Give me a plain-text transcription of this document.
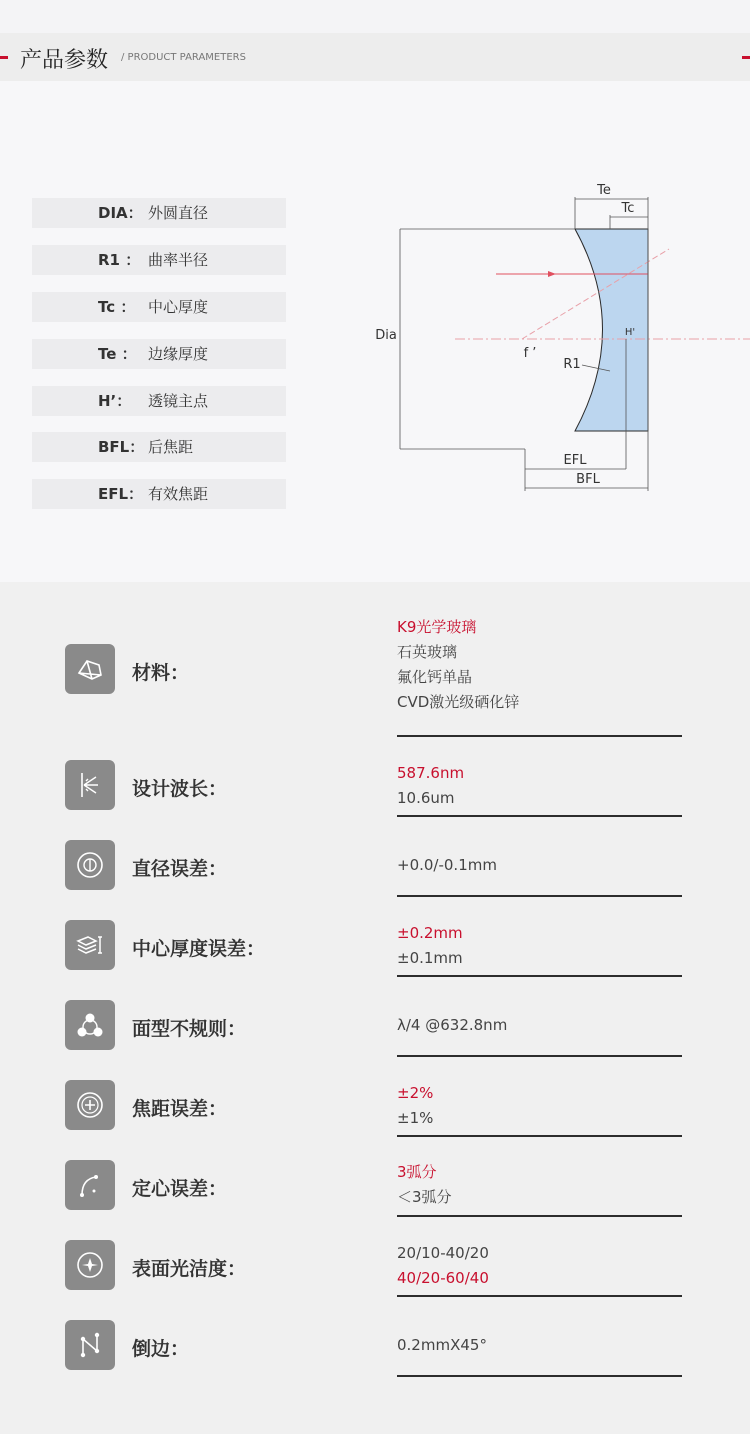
产品参数 / PRODUCT PARAMETERS
DIA： 外圆直径
R1 ： 曲率半径
Tc ： 中心厚度
Te ： 边缘厚度
H’： 透镜主点
BFL： 后焦距
EFL： 有效焦距
Te
Tc
Dia	H'
f ’
R1
EFL
BFL
材料：
K9光学玻璃
石英玻璃
氟化钙单晶
CVD激光级硒化锌
设计波长：
587.6nm
10.6um
直径误差：	+0.0/-0.1mm
中心厚度误差：
±0.2mm
±0.1mm
面型不规则：	λ/4 @632.8nm
焦距误差：
±2%
±1%
定心误差：
3弧分
＜3弧分
表面光洁度：
20/10-40/20
40/20-60/40
倒边：	0.2mmX45°
